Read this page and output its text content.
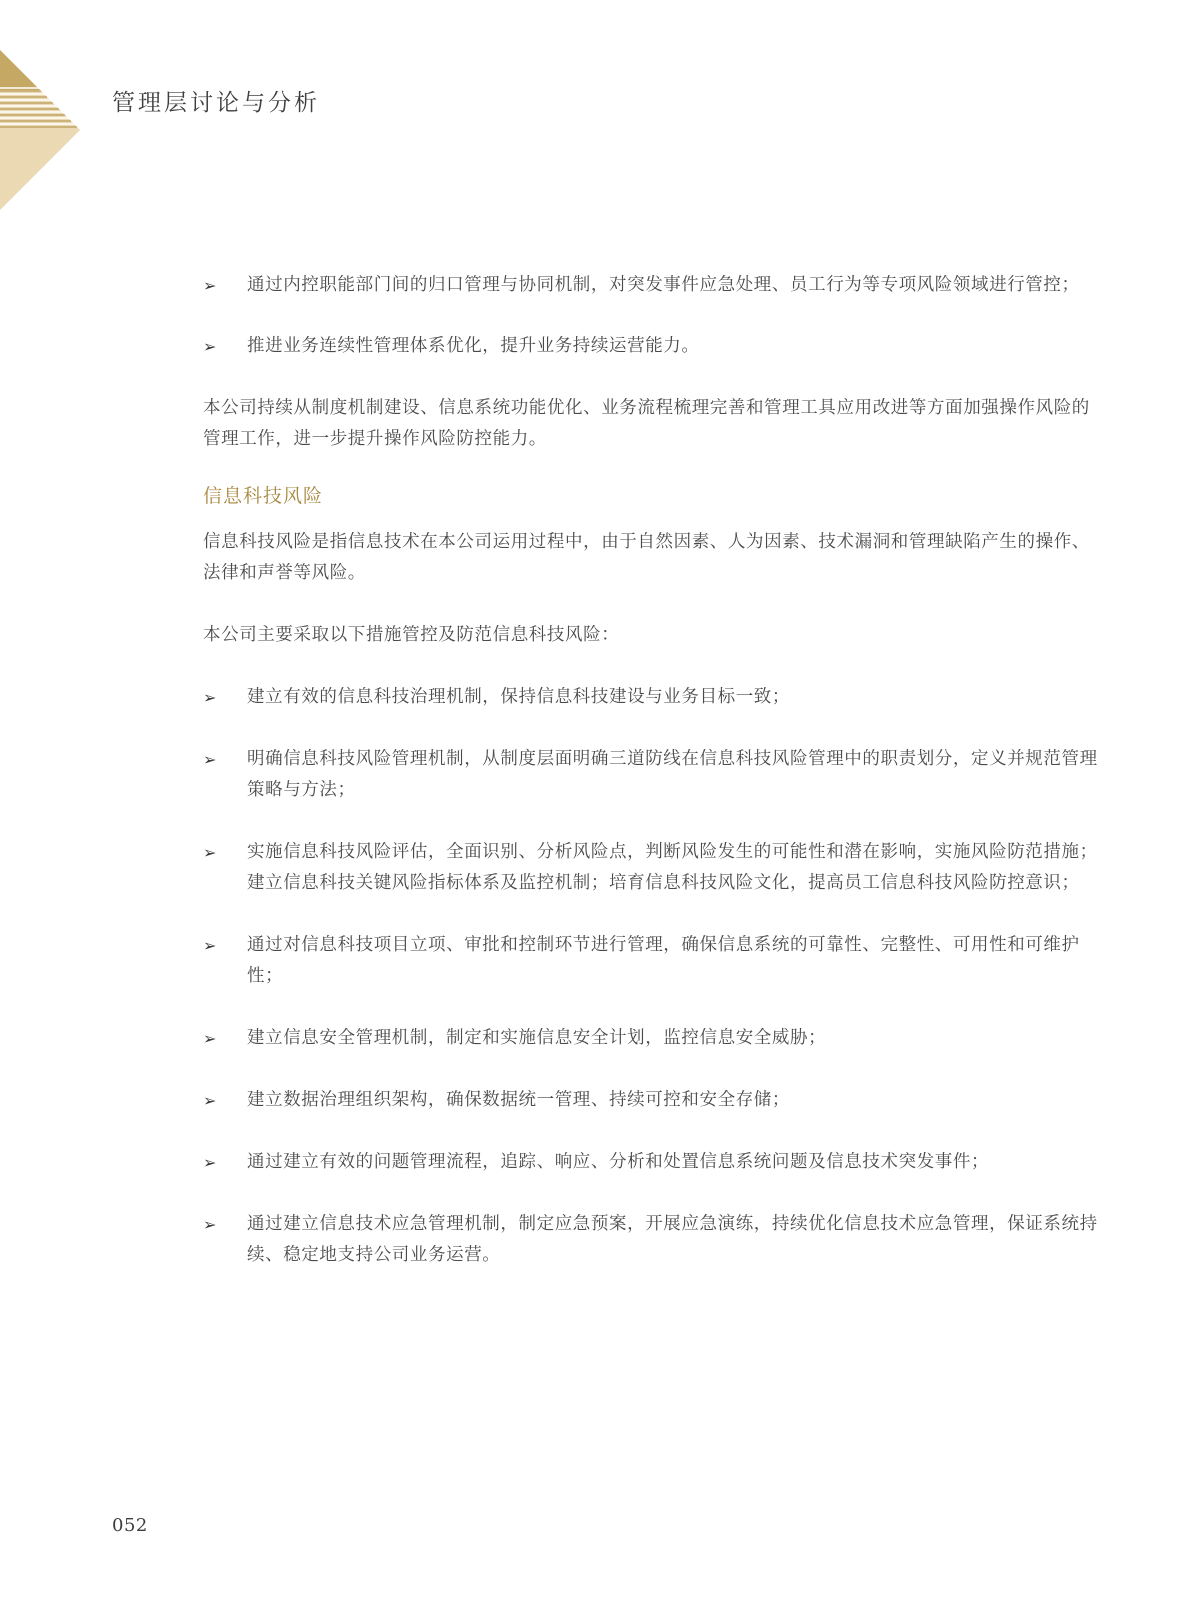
管理层讨论与分析
➢	通过内控职能部门间的归口管理与协同机制，对突发事件应急处理、员工行为等专项风险领域进行管控；
➢	推进业务连续性管理体系优化，提升业务持续运营能力。

本公司持续从制度机制建设、信息系统功能优化、业务流程梳理完善和管理工具应用改进等方面加强操作风险的管理工作，进一步提升操作风险防控能力。

信息科技风险

信息科技风险是指信息技术在本公司运用过程中，由于自然因素、人为因素、技术漏洞和管理缺陷产生的操作、法律和声誉等风险。

本公司主要采取以下措施管控及防范信息科技风险：

➢	建立有效的信息科技治理机制，保持信息科技建设与业务目标一致；
➢	明确信息科技风险管理机制，从制度层面明确三道防线在信息科技风险管理中的职责划分，定义并规范管理策略与方法；
➢	实施信息科技风险评估，全面识别、分析风险点，判断风险发生的可能性和潜在影响，实施风险防范措施；建立信息科技关键风险指标体系及监控机制；培育信息科技风险文化，提高员工信息科技风险防控意识；
➢	通过对信息科技项目立项、审批和控制环节进行管理，确保信息系统的可靠性、完整性、可用性和可维护性；
➢	建立信息安全管理机制，制定和实施信息安全计划，监控信息安全威胁；
➢	建立数据治理组织架构，确保数据统一管理、持续可控和安全存储；
➢	通过建立有效的问题管理流程，追踪、响应、分析和处置信息系统问题及信息技术突发事件；
➢	通过建立信息技术应急管理机制，制定应急预案，开展应急演练，持续优化信息技术应急管理，保证系统持续、稳定地支持公司业务运营。
052
